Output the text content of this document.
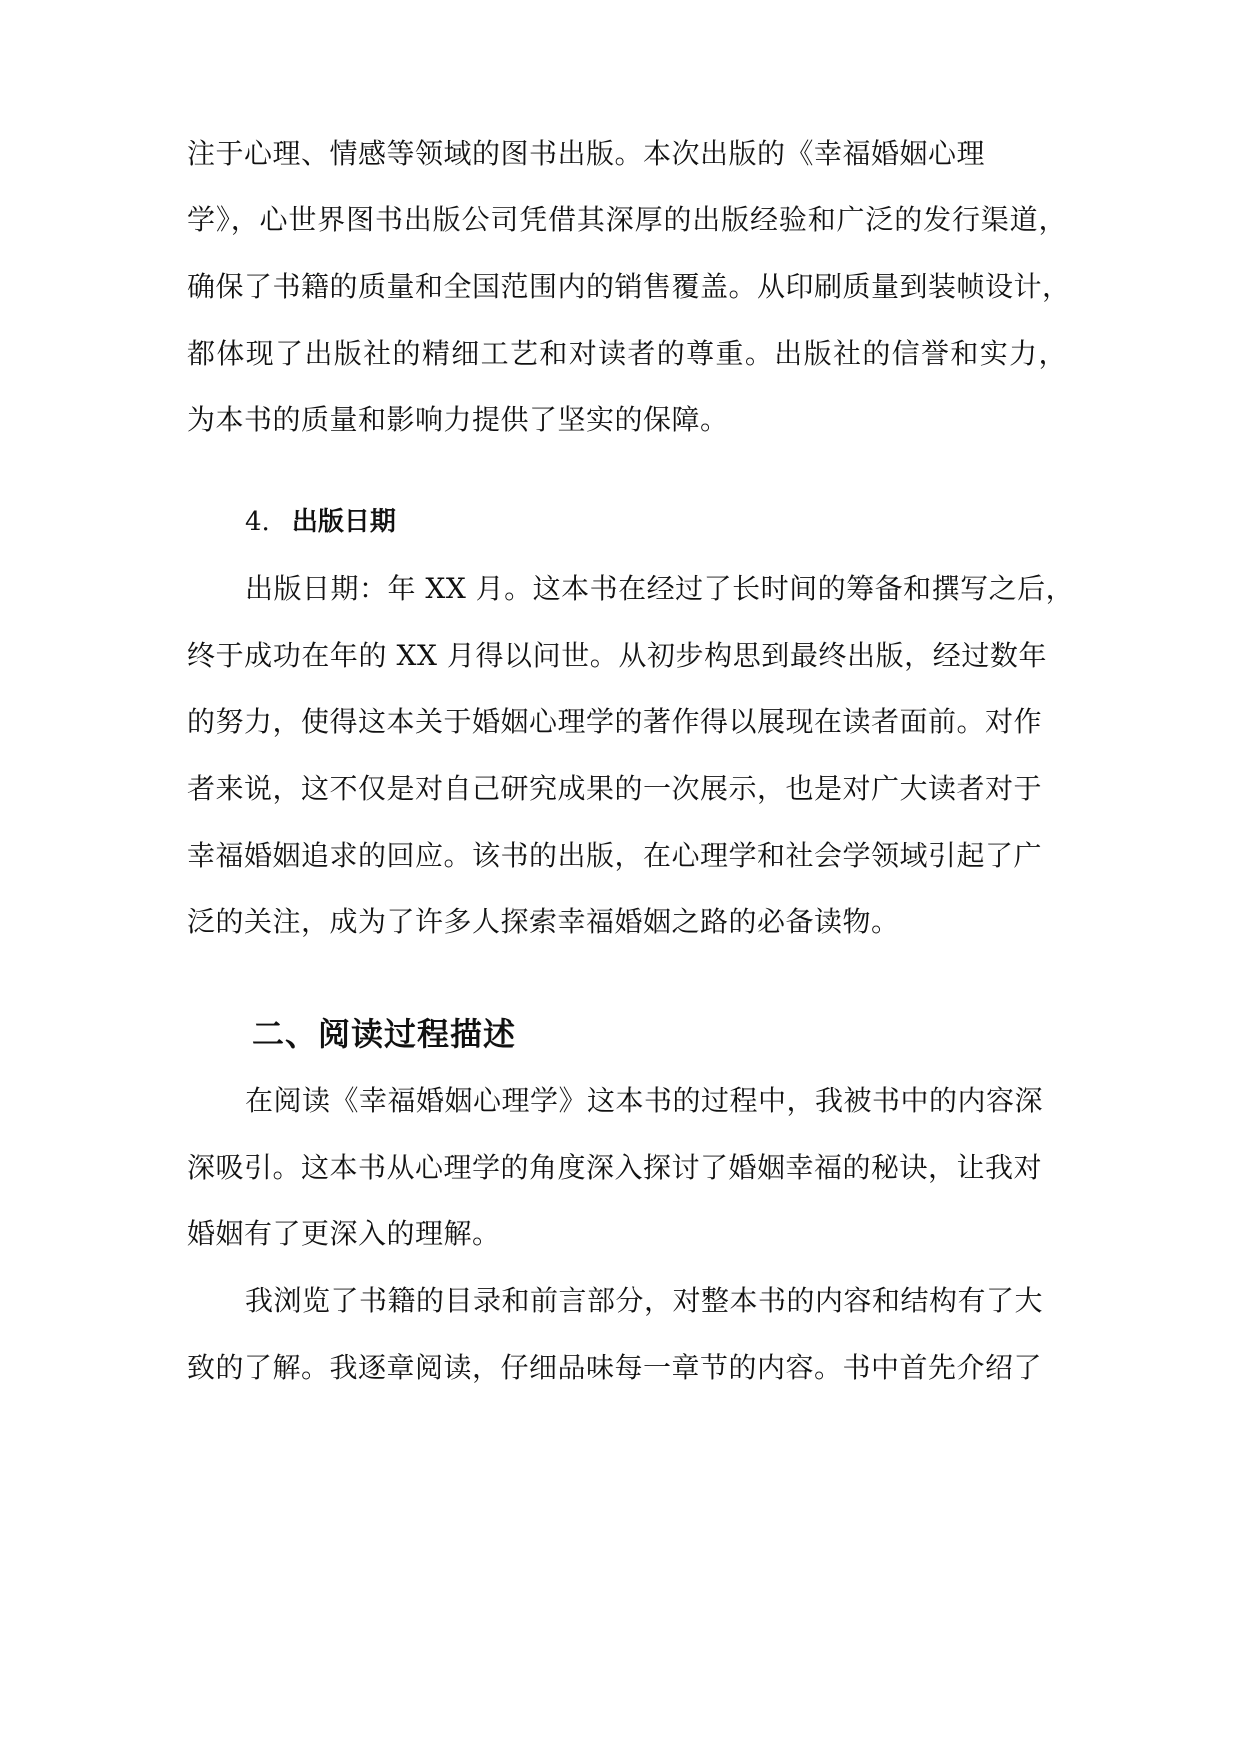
注于心理、情感等领域的图书出版。本次出版的《幸福婚姻心理
学》，心世界图书出版公司凭借其深厚的出版经验和广泛的发行渠道，
确保了书籍的质量和全国范围内的销售覆盖。从印刷质量到装帧设计，
都体现了出版社的精细工艺和对读者的尊重。出版社的信誉和实力，
为本书的质量和影响力提供了坚实的保障。
4. 出版日期
出版日期：年 XX 月。这本书在经过了长时间的筹备和撰写之后，
终于成功在年的 XX 月得以问世。从初步构思到最终出版，经过数年
的努力，使得这本关于婚姻心理学的著作得以展现在读者面前。对作
者来说，这不仅是对自己研究成果的一次展示，也是对广大读者对于
幸福婚姻追求的回应。该书的出版，在心理学和社会学领域引起了广
泛的关注，成为了许多人探索幸福婚姻之路的必备读物。
二、阅读过程描述
在阅读《幸福婚姻心理学》这本书的过程中，我被书中的内容深
深吸引。这本书从心理学的角度深入探讨了婚姻幸福的秘诀，让我对
婚姻有了更深入的理解。
我浏览了书籍的目录和前言部分，对整本书的内容和结构有了大
致的了解。我逐章阅读，仔细品味每一章节的内容。书中首先介绍了
